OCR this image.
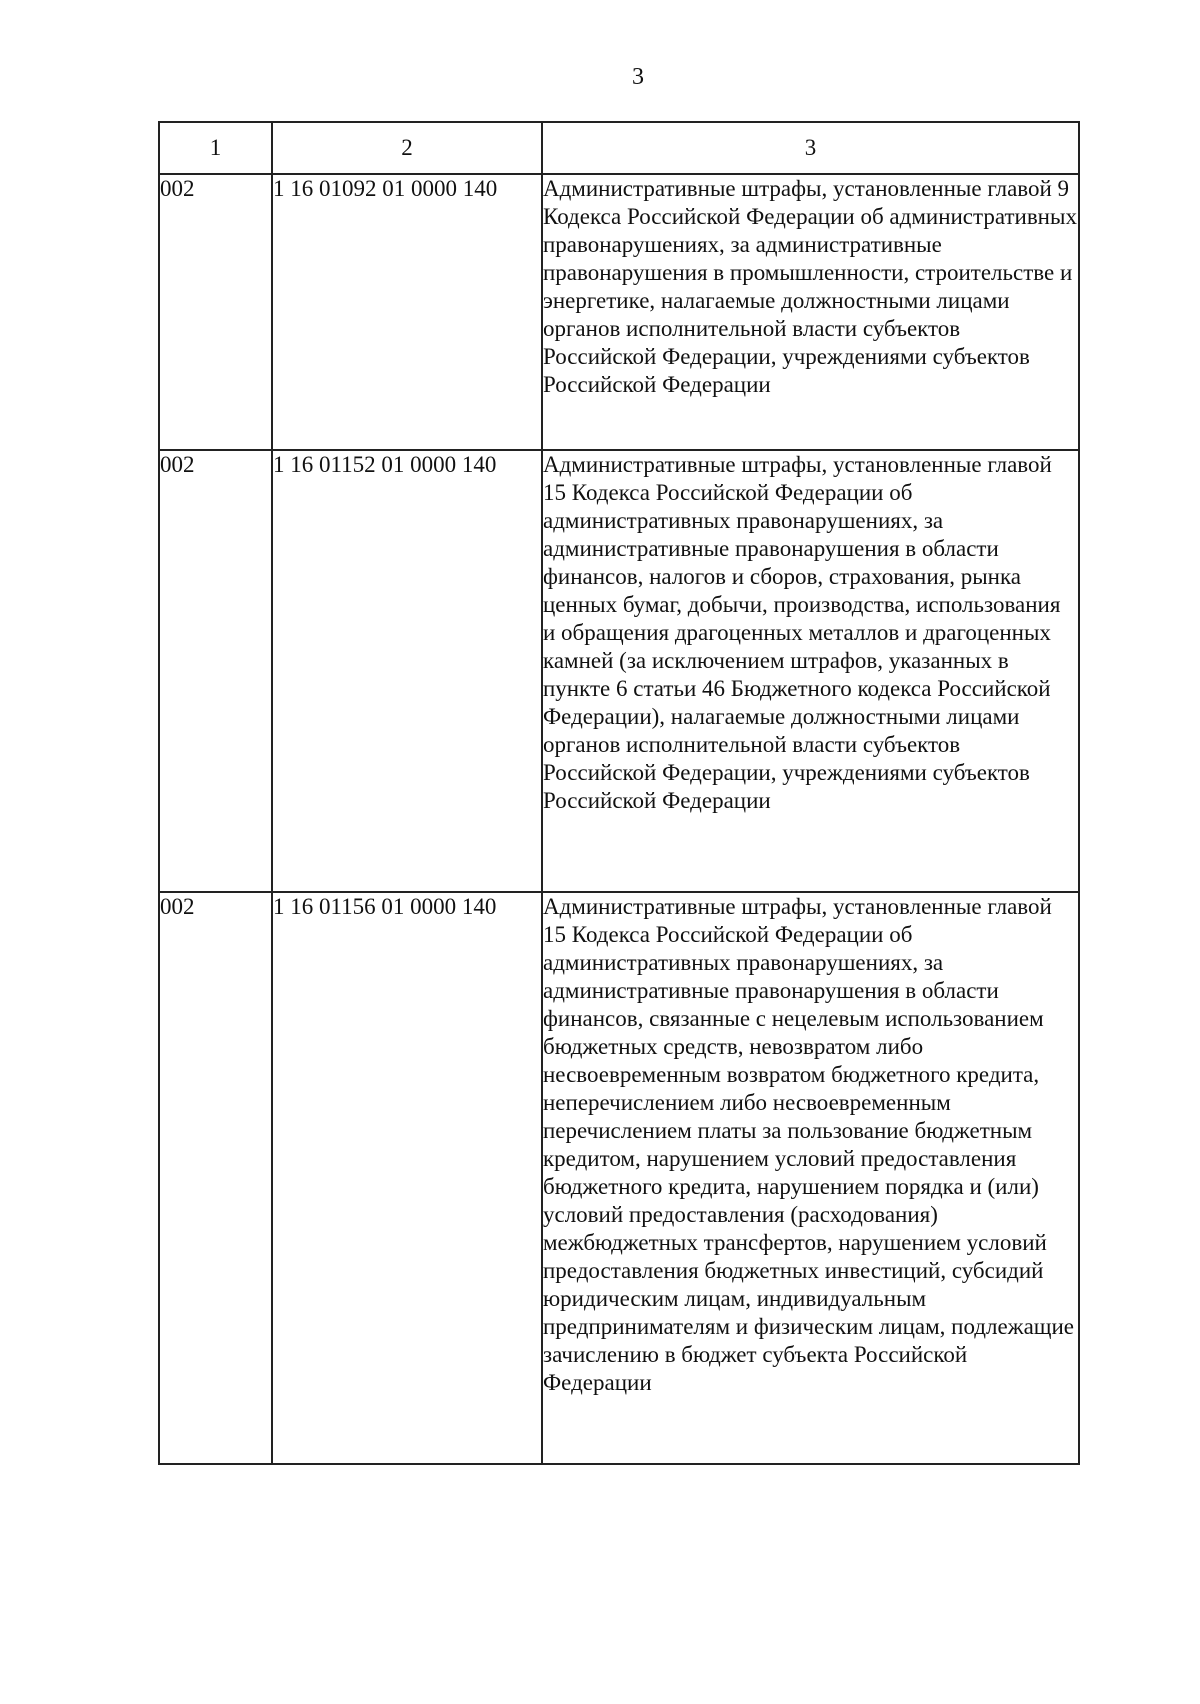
3
1	2	3
002	1 16 01092 01 0000 140	Административные штрафы, установленные главой 9 Кодекса Российской Федерации об административных правонарушениях, за административные правонарушения в промышленности, строительстве и энергетике, налагаемые должностными лицами органов исполнительной власти субъектов Российской Федерации, учреждениями субъектов Российской Федерации
002	1 16 01152 01 0000 140	Административные штрафы, установленные главой 15 Кодекса Российской Федерации об административных правонарушениях, за административные правонарушения в области финансов, налогов и сборов, страхования, рынка ценных бумаг, добычи, производства, использования и обращения драгоценных металлов и драгоценных камней (за исключением штрафов, указанных в пункте 6 статьи 46 Бюджетного кодекса Российской Федерации), налагаемые должностными лицами органов исполнительной власти субъектов Российской Федерации, учреждениями субъектов Российской Федерации
002	1 16 01156 01 0000 140	Административные штрафы, установленные главой 15 Кодекса Российской Федерации об административных правонарушениях, за административные правонарушения в области финансов, связанные с нецелевым использованием бюджетных средств, невозвратом либо несвоевременным возвратом бюджетного кредита, неперечислением либо несвоевременным перечислением платы за пользование бюджетным кредитом, нарушением условий предоставления бюджетного кредита, нарушением порядка и (или) условий предоставления (расходования) межбюджетных трансфертов, нарушением условий предоставления бюджетных инвестиций, субсидий юридическим лицам, индивидуальным предпринимателям и физическим лицам, подлежащие зачислению в бюджет субъекта Российской Федерации
